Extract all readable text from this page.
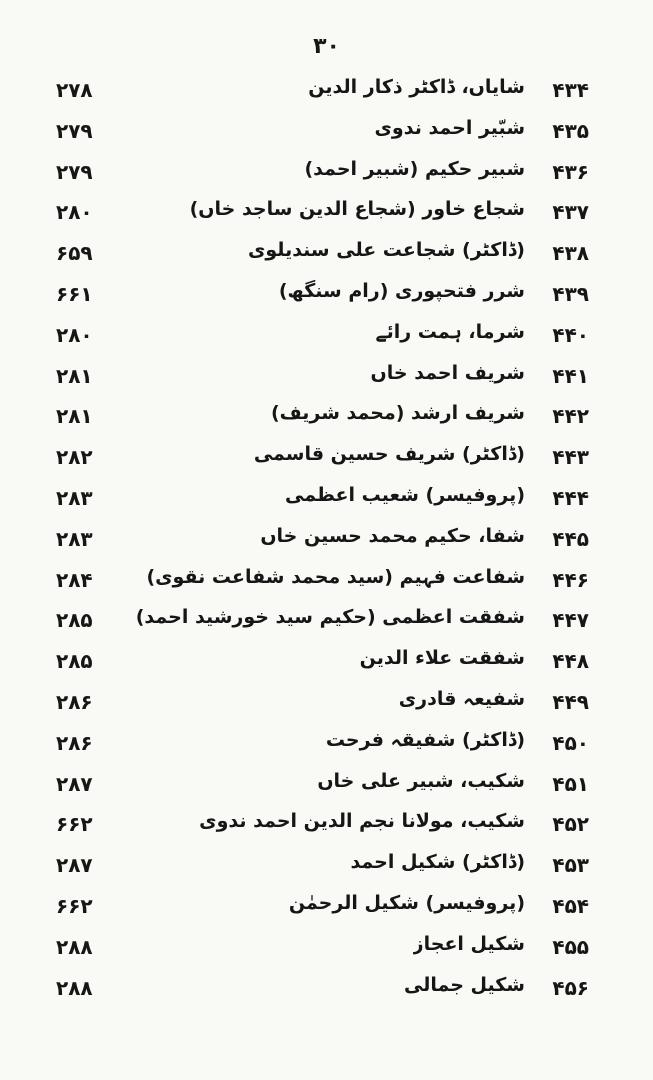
۳۰
۴۳۴
شایاں، ڈاکٹر ذکار الدین
۲۷۸
۴۳۵
شبّیر احمد ندوی
۲۷۹
۴۳۶
شبیر حکیم (شبیر احمد)
۲۷۹
۴۳۷
شجاع خاور (شجاع الدین ساجد خاں)
۲۸۰
۴۳۸
(ڈاکٹر) شجاعت علی سندیلوی
۶۵۹
۴۳۹
شرر فتحپوری (رام سنگھ)
۶۶۱
۴۴۰
شرما، ہمت رائے
۲۸۰
۴۴۱
شریف احمد خاں
۲۸۱
۴۴۲
شریف ارشد (محمد شریف)
۲۸۱
۴۴۳
(ڈاکٹر) شریف حسین قاسمی
۲۸۲
۴۴۴
(پروفیسر) شعیب اعظمی
۲۸۳
۴۴۵
شفا، حکیم محمد حسین خاں
۲۸۳
۴۴۶
شفاعت فہیم (سید محمد شفاعت نقوی)
۲۸۴
۴۴۷
شفقت اعظمی (حکیم سید خورشید احمد)
۲۸۵
۴۴۸
شفقت علاء الدین
۲۸۵
۴۴۹
شفیعہ قادری
۲۸۶
۴۵۰
(ڈاکٹر) شفیقہ فرحت
۲۸۶
۴۵۱
شکیب، شبیر علی خاں
۲۸۷
۴۵۲
شکیب، مولانا نجم الدین احمد ندوی
۶۶۲
۴۵۳
(ڈاکٹر) شکیل احمد
۲۸۷
۴۵۴
(پروفیسر) شکیل الرحمٰن
۶۶۲
۴۵۵
شکیل اعجاز
۲۸۸
۴۵۶
شکیل جمالی
۲۸۸
